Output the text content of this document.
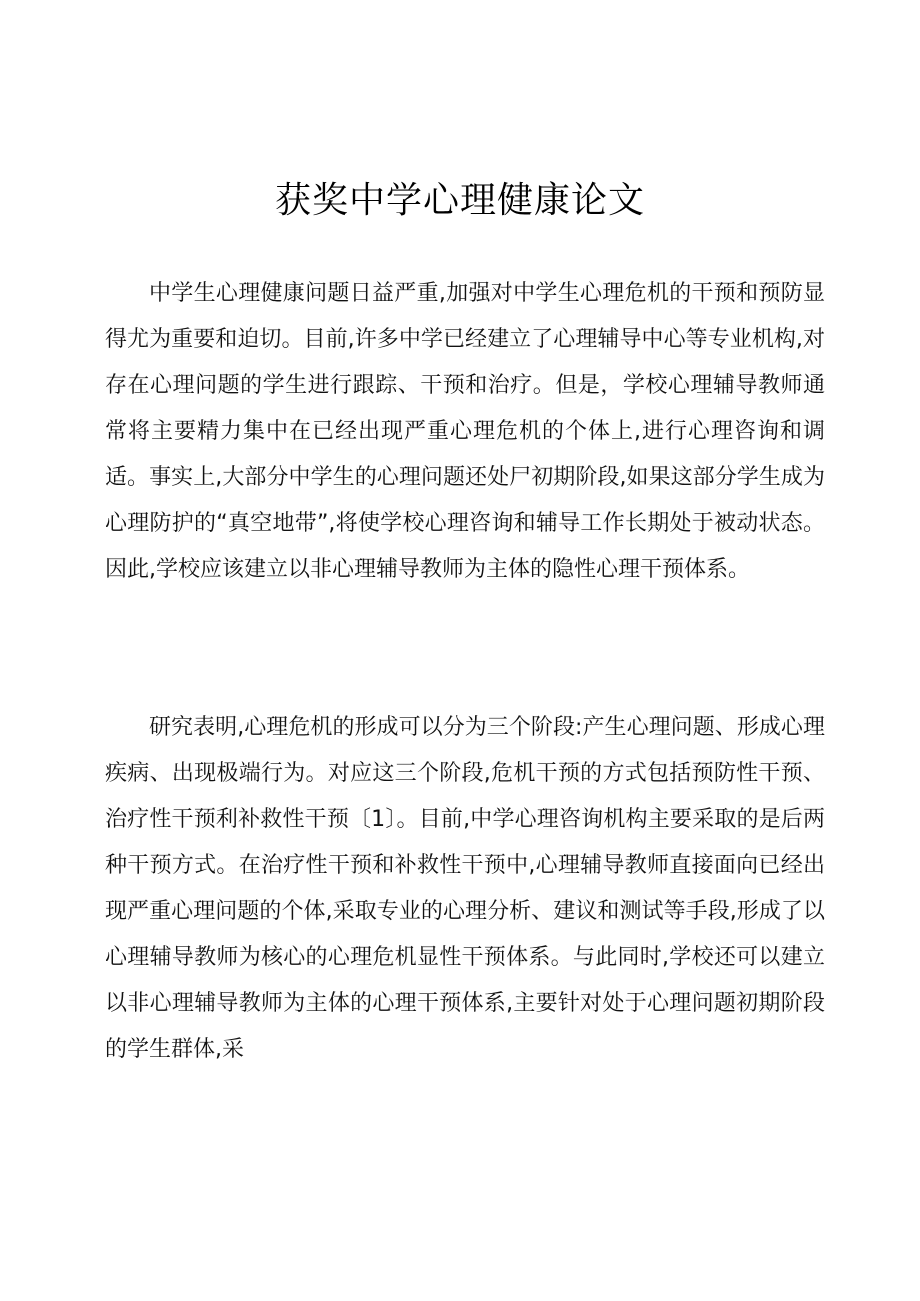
获奖中学心理健康论文

中学生心理健康问题日益严重,加强对中学生心理危机的干预和预防显得尤为重要和迫切。目前,许多中学已经建立了心理辅导中心等专业机构,对存在心理问题的学生进行跟踪、干预和治疗。但是，学校心理辅导教师通常将主要精力集中在已经出现严重心理危机的个体上,进行心理咨询和调适。事实上,大部分中学生的心理问题还处尸初期阶段,如果这部分学生成为心理防护的“真空地带”,将使学校心理咨询和辅导工作长期处于被动状态。因此,学校应该建立以非心理辅导教师为主体的隐性心理干预体系。

研究表明,心理危机的形成可以分为三个阶段:产生心理问题、形成心理疾病、出现极端行为。对应这三个阶段,危机干预的方式包括预防性干预、治疗性干预利补救性干预〔1〕。目前,中学心理咨询机构主要采取的是后两种干预方式。在治疗性干预和补救性干预中,心理辅导教师直接面向已经出现严重心理问题的个体,采取专业的心理分析、建议和测试等手段,形成了以心理辅导教师为核心的心理危机显性干预体系。与此同时,学校还可以建立以非心理辅导教师为主体的心理干预体系,主要针对处于心理问题初期阶段的学生群体,采
